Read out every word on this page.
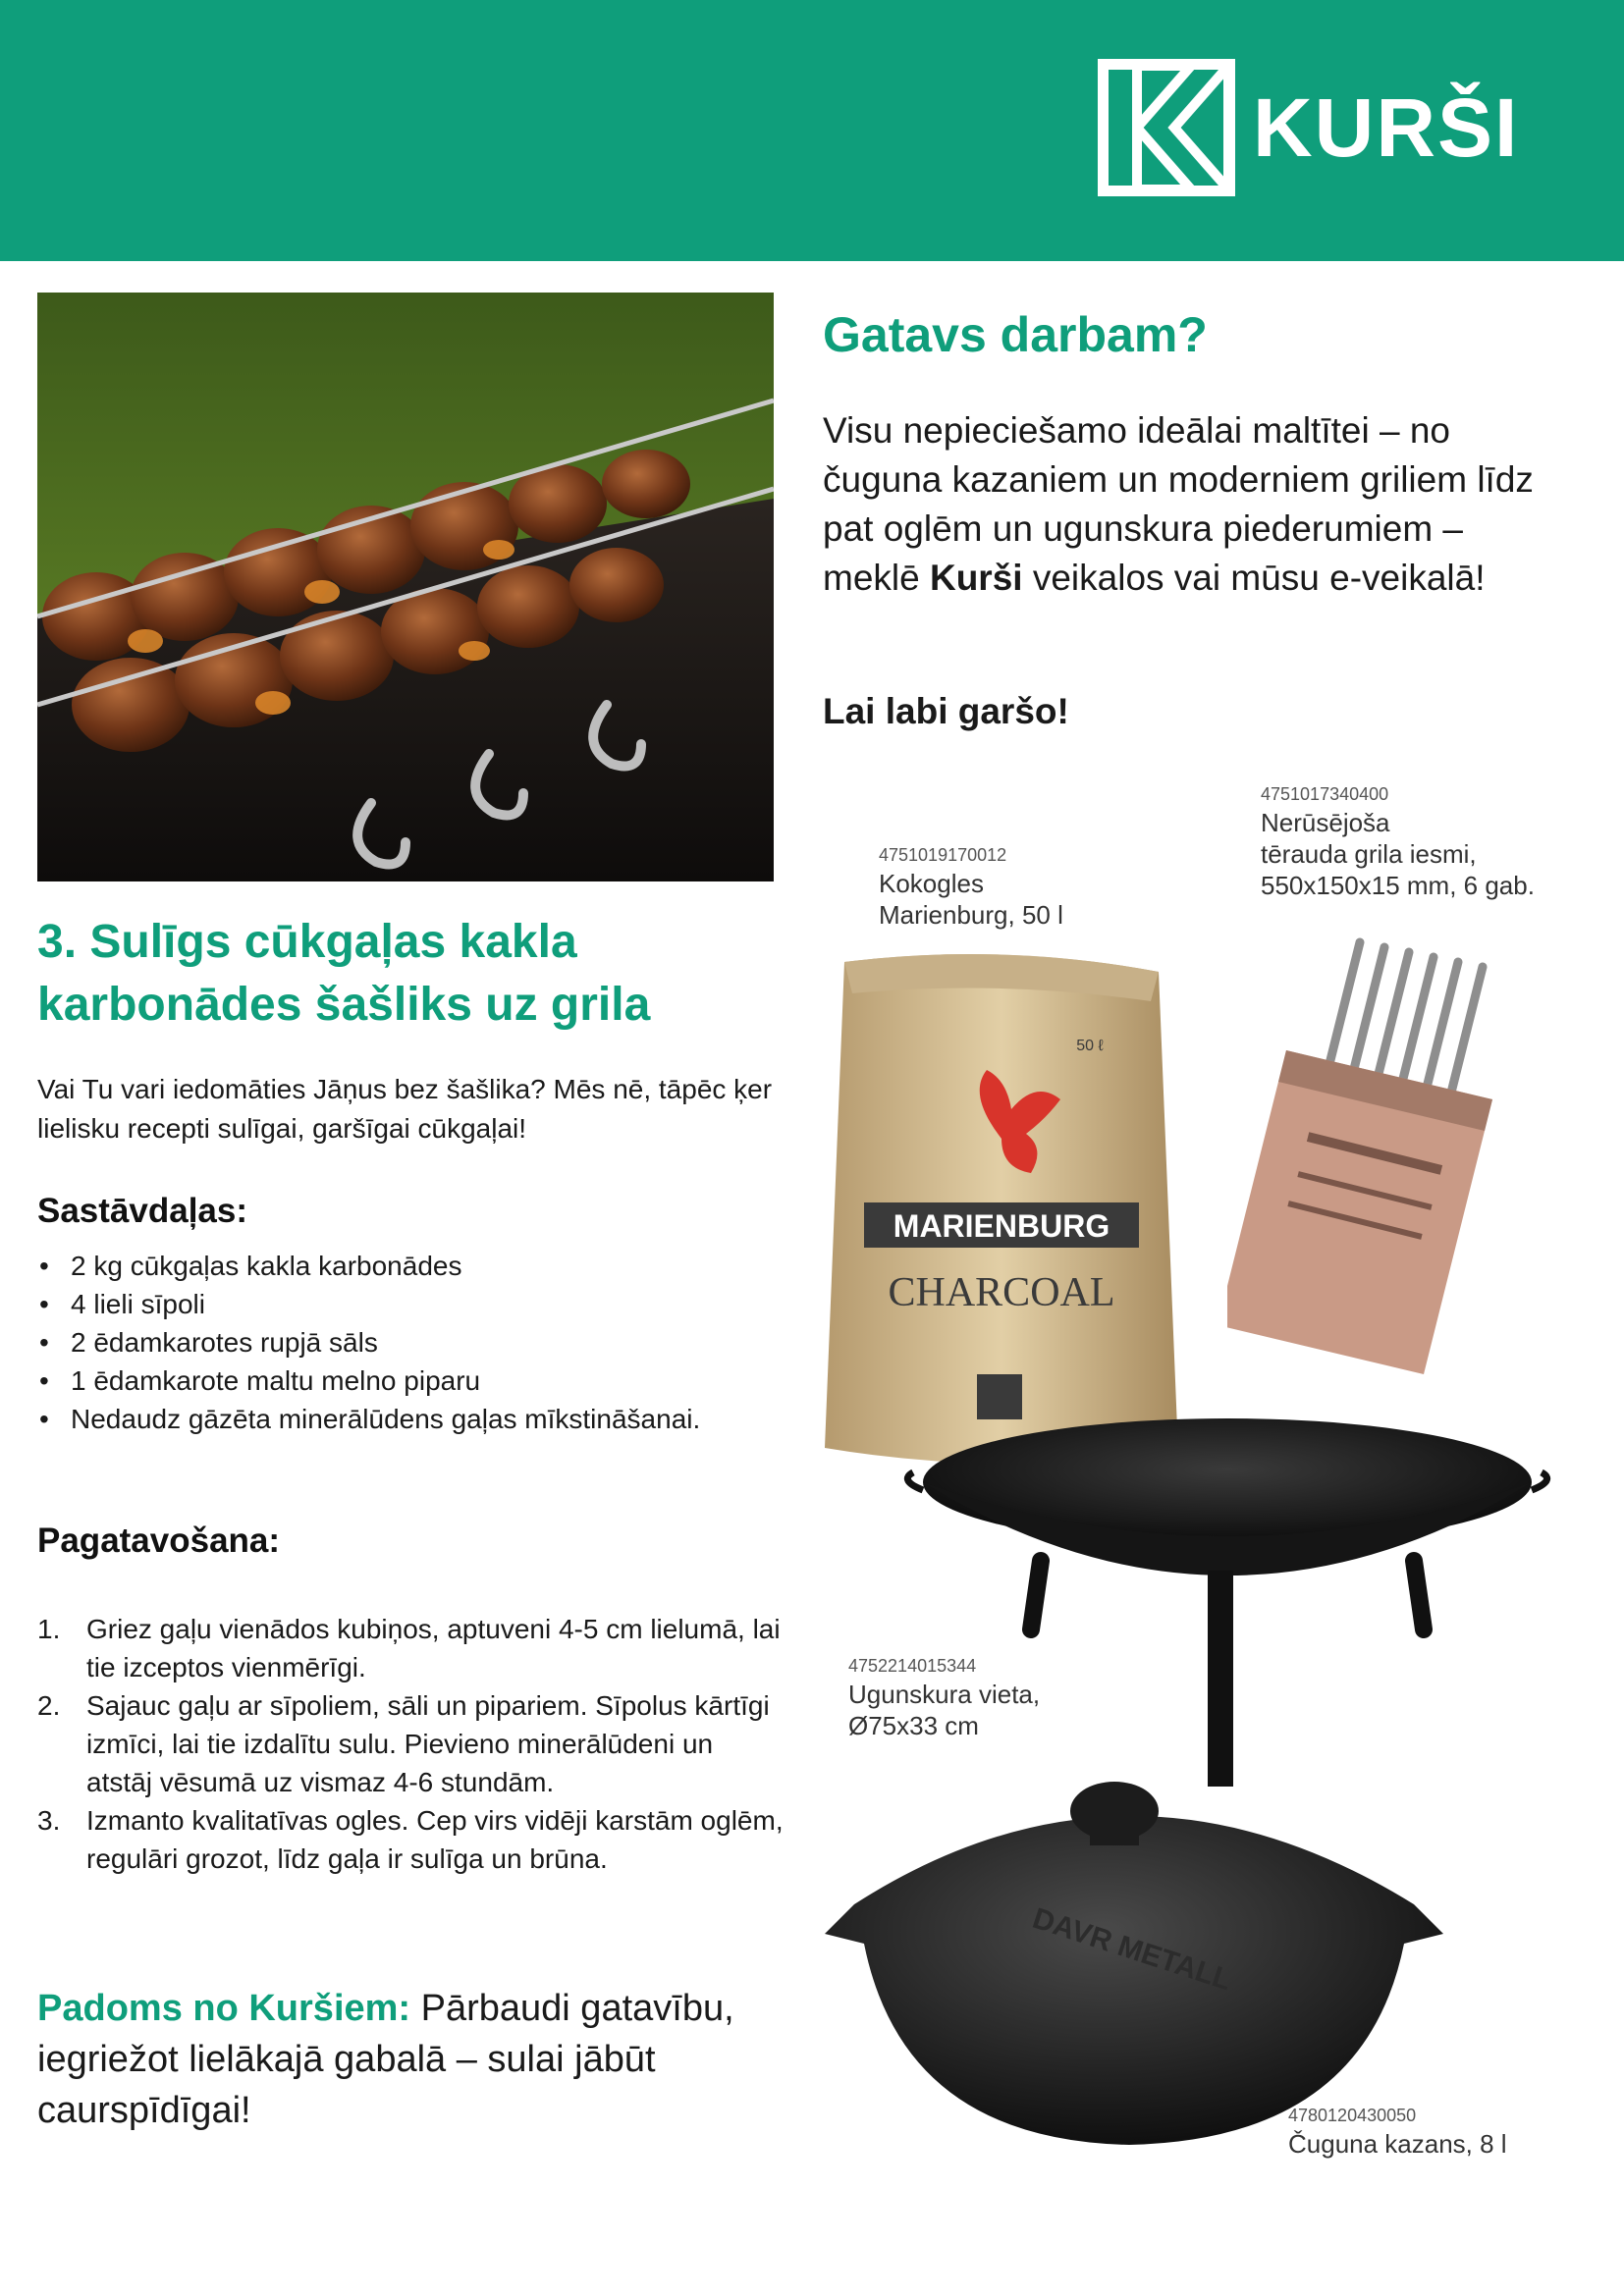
KURŠI
Gatavs darbam?
Visu nepieciešamo ideālai maltītei – no čuguna kazaniem un moderniem griliem līdz pat oglēm un ugunskura piederumiem – meklē Kurši veikalos vai mūsu e-veikalā!
Lai labi garšo!
MARIENBURG
CHARCOAL
50 ℓ
DAVR METALL
4751019170012
Kokogles
Marienburg, 50 l
4751017340400
Nerūsējoša
tērauda grila iesmi,
550x150x15 mm, 6 gab.
4752214015344
Ugunskura vieta,
Ø75x33 cm
4780120430050
Čuguna kazans, 8 l
3. Sulīgs cūkgaļas kakla karbonādes šašliks uz grila
Vai Tu vari iedomāties Jāņus bez šašlika? Mēs nē, tāpēc ķer lielisku recepti sulīgai, garšīgai cūkgaļai!
Sastāvdaļas:
• 2 kg cūkgaļas kakla karbonādes
• 4 lieli sīpoli
• 2 ēdamkarotes rupjā sāls
• 1 ēdamkarote maltu melno piparu
• Nedaudz gāzēta minerālūdens gaļas mīkstināšanai.
Pagatavošana:
1. Griez gaļu vienādos kubiņos, aptuveni 4-5 cm lielumā, lai tie izceptos vienmērīgi.
2. Sajauc gaļu ar sīpoliem, sāli un pipariem. Sīpolus kārtīgi izmīci, lai tie izdalītu sulu. Pievieno minerālūdeni un atstāj vēsumā uz vismaz 4-6 stundām.
3. Izmanto kvalitatīvas ogles. Cep virs vidēji karstām oglēm, regulāri grozot, līdz gaļa ir sulīga un brūna.
Padoms no Kuršiem: Pārbaudi gatavību, iegriežot lielākajā gabalā – sulai jābūt caurspīdīgai!
